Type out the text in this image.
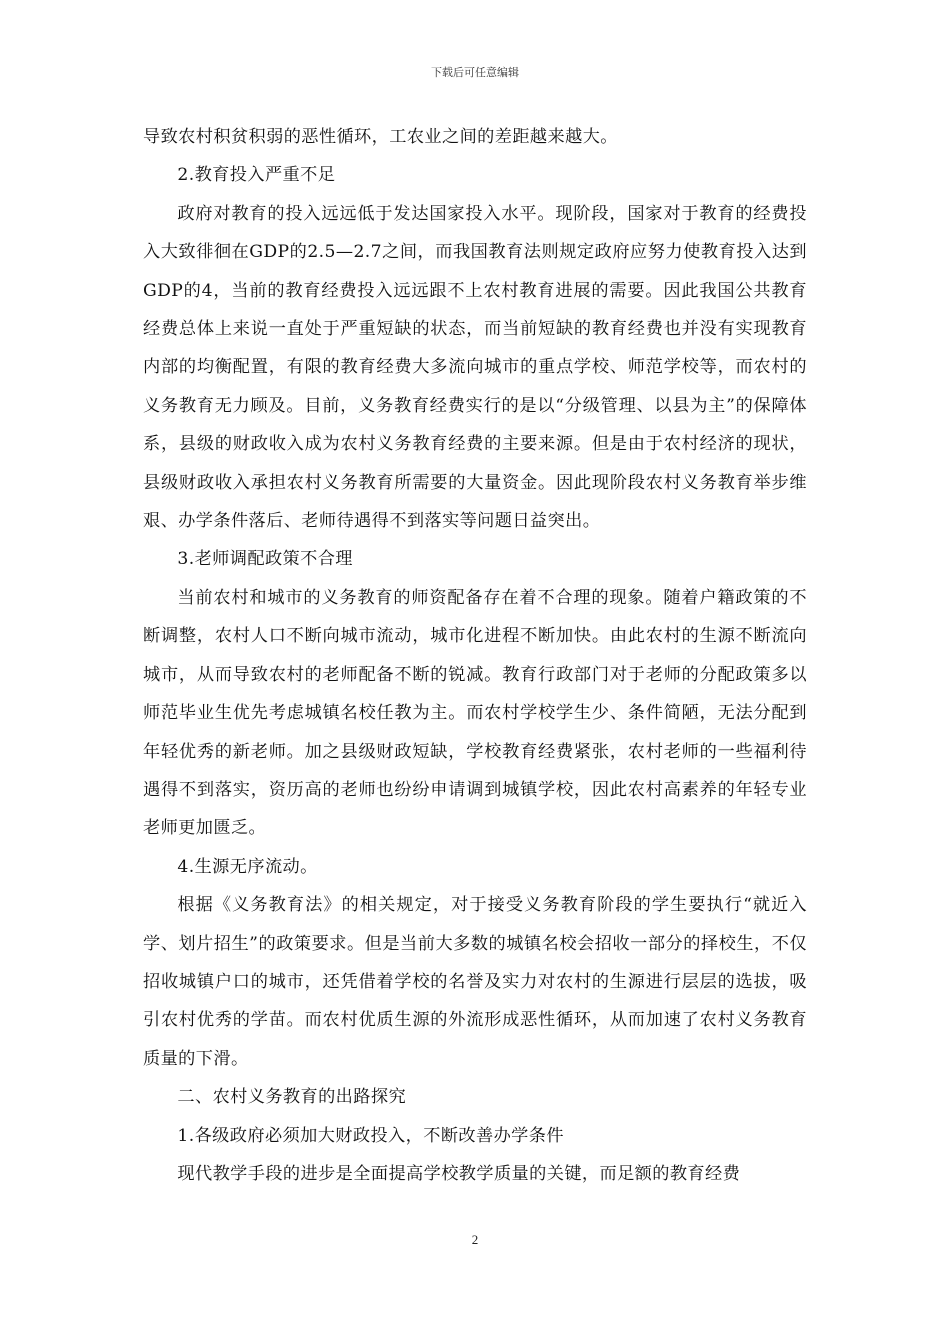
下载后可任意编辑

导致农村积贫积弱的恶性循环，工农业之间的差距越来越大。

2.教育投入严重不足

政府对教育的投入远远低于发达国家投入水平。现阶段，国家对于教育的经费投入大致徘徊在GDP的2.5—2.7之间，而我国教育法则规定政府应努力使教育投入达到GDP的4，当前的教育经费投入远远跟不上农村教育进展的需要。因此我国公共教育经费总体上来说一直处于严重短缺的状态，而当前短缺的教育经费也并没有实现教育内部的均衡配置，有限的教育经费大多流向城市的重点学校、师范学校等，而农村的义务教育无力顾及。目前，义务教育经费实行的是以“分级管理、以县为主”的保障体系，县级的财政收入成为农村义务教育经费的主要来源。但是由于农村经济的现状，县级财政收入承担农村义务教育所需要的大量资金。因此现阶段农村义务教育举步维艰、办学条件落后、老师待遇得不到落实等问题日益突出。

3.老师调配政策不合理

当前农村和城市的义务教育的师资配备存在着不合理的现象。随着户籍政策的不断调整，农村人口不断向城市流动，城市化进程不断加快。由此农村的生源不断流向城市，从而导致农村的老师配备不断的锐减。教育行政部门对于老师的分配政策多以师范毕业生优先考虑城镇名校任教为主。而农村学校学生少、条件简陋，无法分配到年轻优秀的新老师。加之县级财政短缺，学校教育经费紧张，农村老师的一些福利待遇得不到落实，资历高的老师也纷纷申请调到城镇学校，因此农村高素养的年轻专业老师更加匮乏。

4.生源无序流动。

根据《义务教育法》的相关规定，对于接受义务教育阶段的学生要执行“就近入学、划片招生”的政策要求。但是当前大多数的城镇名校会招收一部分的择校生，不仅招收城镇户口的城市，还凭借着学校的名誉及实力对农村的生源进行层层的选拔，吸引农村优秀的学苗。而农村优质生源的外流形成恶性循环，从而加速了农村义务教育质量的下滑。

二、农村义务教育的出路探究

1.各级政府必须加大财政投入，不断改善办学条件

现代教学手段的进步是全面提高学校教学质量的关键，而足额的教育经费

2
